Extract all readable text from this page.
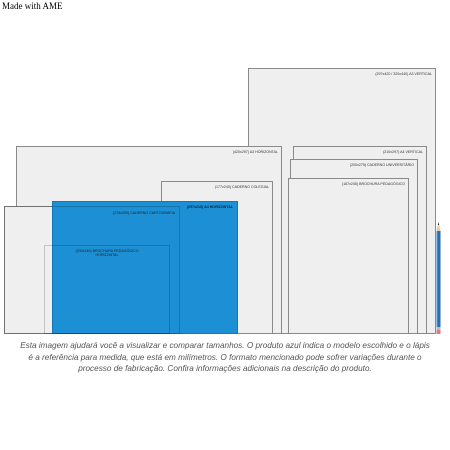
Made with AME
(297x420 / 320x440) A3 VERTICAL
(210x297) A4 VERTICAL
(200x275) CADERNO UNIVERSITÁRIO
(187x245) BROCHURA PEDAGÓGICO
(420x297) A3 HORIZONTAL
(177x240) CADERNO COLEGIAL
(297x210) A4 HORIZONTAL
(275x200) CADERNO CARTOGRAFIA
(200x140) BROCHURA PEDAGÓGICO
HORIZONTAL
Esta imagem ajudará você a visualizar e comparar tamanhos. O produto azul indica o modelo escolhido e o lápis é a referência para medida, que está em milímetros. O formato mencionado pode sofrer variações durante o processo de fabricação. Confira informações adicionais na descrição do produto.
